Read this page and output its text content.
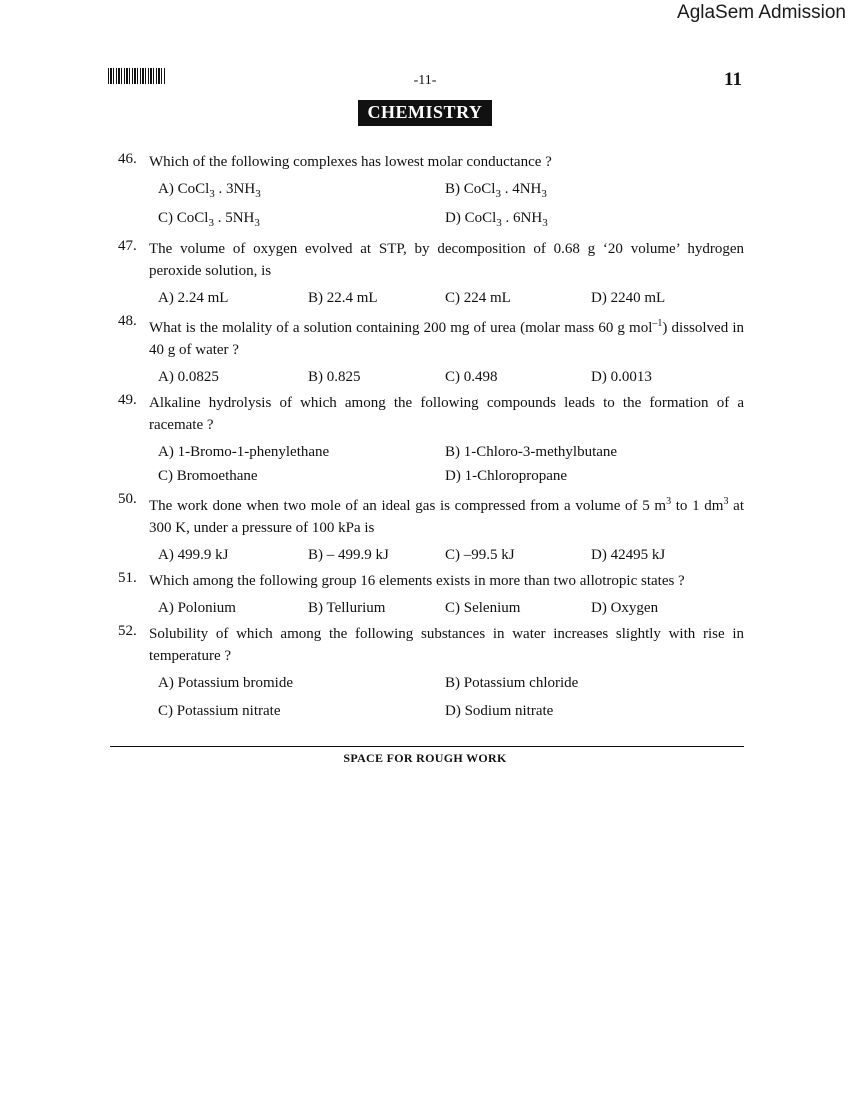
AglaSem Admission
-11-	11
CHEMISTRY
46. Which of the following complexes has lowest molar conductance ?
A) CoCl$_3$ . $3NH_3$	B) CoCl$_3$ . $4NH_3$
C) CoCl$_3$ . $5NH_3$	D) CoCl$_3$ . $6NH_3$
47. The volume of oxygen evolved at STP, by decomposition of 0.68 g ‘20 volume’ hydrogen peroxide solution, is
A) 2.24 mL	B) 22.4 mL	C) 224 mL	D) 2240 mL
48. What is the molality of a solution containing 200 mg of urea (molar mass 60 g mol$^{-1}$) dissolved in 40 g of water ?
A) 0.0825	B) 0.825	C) 0.498	D) 0.0013
49. Alkaline hydrolysis of which among the following compounds leads to the formation of a racemate ?
A) 1-Bromo-1-phenylethane	B) 1-Chloro-3-methylbutane
C) Bromoethane	D) 1-Chloropropane
50. The work done when two mole of an ideal gas is compressed from a volume of 5 $m^3$ to 1 $dm^3$ at 300 K, under a pressure of 100 kPa is
A) 499.9 kJ	B) – 499.9 kJ	C) –99.5 kJ	D) 42495 kJ
51. Which among the following group 16 elements exists in more than two allotropic states ?
A) Polonium	B) Tellurium	C) Selenium	D) Oxygen
52. Solubility of which among the following substances in water increases slightly with rise in temperature ?
A) Potassium bromide	B) Potassium chloride
C) Potassium nitrate	D) Sodium nitrate
SPACE FOR ROUGH WORK
